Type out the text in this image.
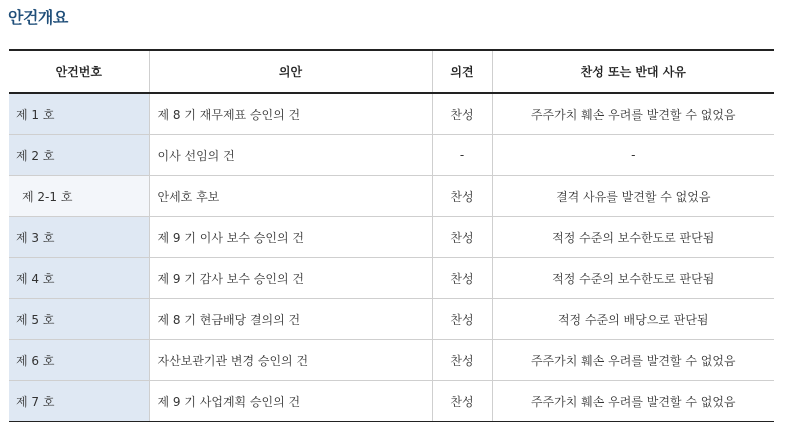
안건개요
안건번호	의안	의견	찬성 또는 반대 사유
제 1 호	제 8 기 재무제표 승인의 건	찬성	주주가치 훼손 우려를 발견할 수 없었음
제 2 호	이사 선임의 건	-	-
제 2-1 호	안세호 후보	찬성	결격 사유를 발견할 수 없었음
제 3 호	제 9 기 이사 보수 승인의 건	찬성	적정 수준의 보수한도로 판단됨
제 4 호	제 9 기 감사 보수 승인의 건	찬성	적정 수준의 보수한도로 판단됨
제 5 호	제 8 기 현금배당 결의의 건	찬성	적정 수준의 배당으로 판단됨
제 6 호	자산보관기관 변경 승인의 건	찬성	주주가치 훼손 우려를 발견할 수 없었음
제 7 호	제 9 기 사업계획 승인의 건	찬성	주주가치 훼손 우려를 발견할 수 없었음
